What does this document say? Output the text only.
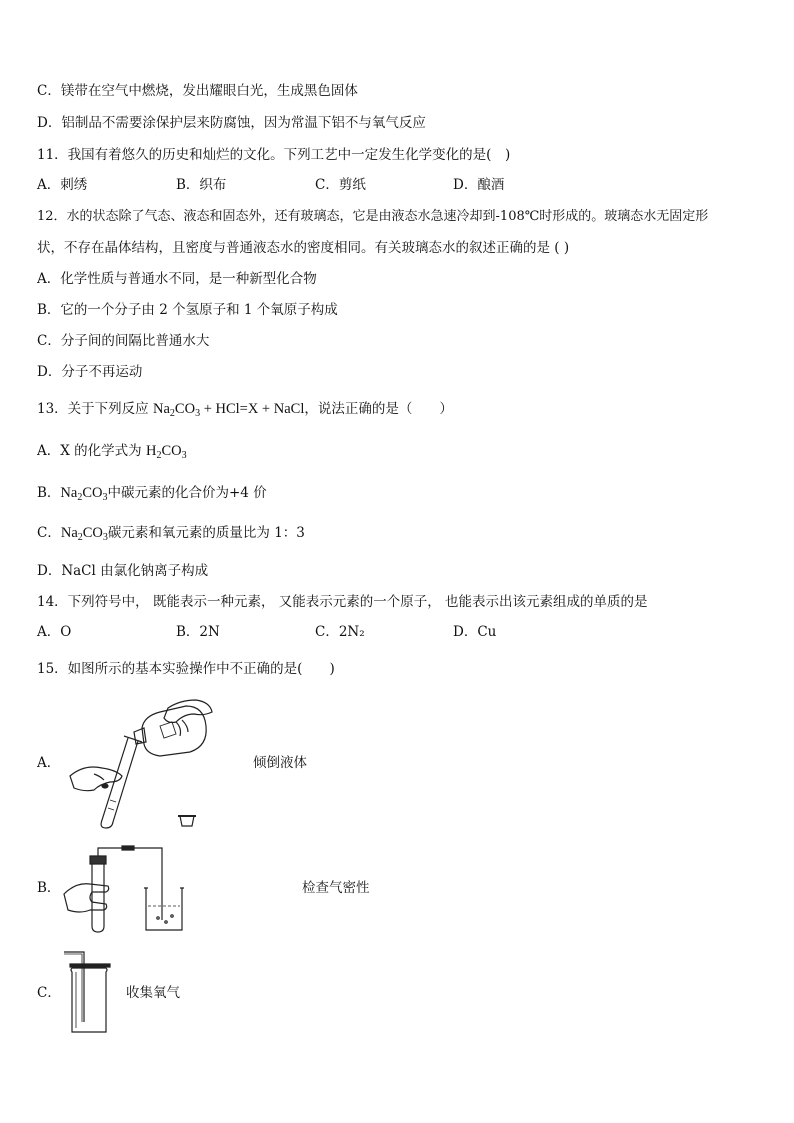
C．镁带在空气中燃烧，发出耀眼白光，生成黑色固体
D．铝制品不需要涂保护层来防腐蚀，因为常温下铝不与氧气反应
11．我国有着悠久的历史和灿烂的文化。下列工艺中一定发生化学变化的是(　)
A．刺绣	B．织布	C．剪纸	D．酿酒
12．水的状态除了气态、液态和固态外，还有玻璃态，它是由液态水急速冷却到-108℃时形成的。玻璃态水无固定形
状，不存在晶体结构，且密度与普通液态水的密度相同。有关玻璃态水的叙述正确的是 ( )
A．化学性质与普通水不同，是一种新型化合物
B．它的一个分子由 2 个氢原子和 1 个氧原子构成
C．分子间的间隔比普通水大
D．分子不再运动
13．关于下列反应 $Na_2CO_3 + HCl=X$ + NaCl，说法正确的是（　　）
A．X 的化学式为 $H_2CO_3$
B．$Na_2CO_3$中碳元素的化合价为+4 价
C．$Na_2CO_3$碳元素和氧元素的质量比为 1：3
D．NaCl 由氯化钠离子构成
14．下列符号中， 既能表示一种元素， 又能表示元素的一个原子， 也能表示出该元素组成的单质的是
A．O	B．2N	C．2N₂	D．Cu
15．如图所示的基本实验操作中不正确的是(　　)
A．	倾倒液体
B．	检查气密性
C．	收集氧气
